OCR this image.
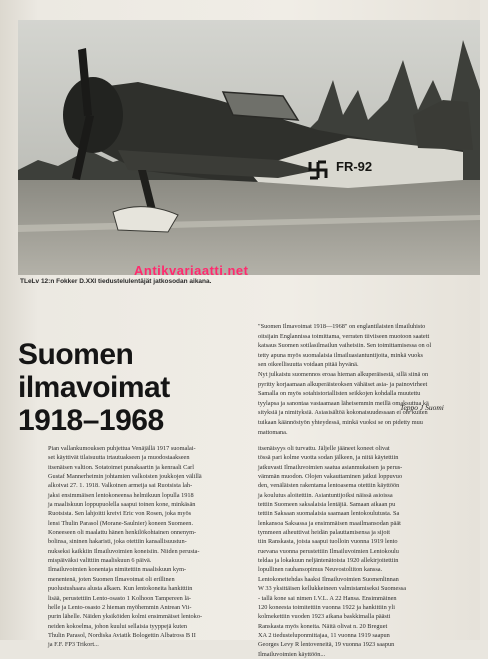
FR-92
Antikvariaatti.net
TLeLv 12:n Fokker D.XXI tiedustelulentäjät jatkosodan aikana.
Suomen
ilmavoimat
1918–1968
"Suomen Ilmavoimat 1918—1968" on englantilaisten ilmailuhisto
oitsijain Englannissa toimittama, verraten tiiviiseen muotoon saatett
katsaus Suomen sotilasilmailun vaiheisiin. Sen toimittamisessa on ol
tetty apuna myös suomalaisia ilmailuasiantuntijoita, minkä vuoks
sen oikeellisuutta voidaan pitää hyvänä.
Nyt julkaistu suomennos eroaa hieman alkuperäisestä, sillä siinä on
pyritty korjaamaan alkuperäisteoksen vähäiset asia- ja painovirheet
Samalla on myös sotahistoriallisten seikkojen kohdalla muutettu
tyylapsa ja sanontaa vastaamaan läheisemmin meillä omaksuttua kä
sityksiä ja nimityksiä. Asiasisältöä kokonaisuudessaan ei ole kuiten
tuikaan käännöstyön yhteydessä, minkä vuoksi se on pidetty muu
mattomana.
Teppo J Suomi
Pian vallankumouksen puhjettua Venäjällä 1917 suomalai-
set käyttivät tilaisuutta irtautuakseen ja muodostaakseen
itsenäisen valtion. Sotatoimet punakaartin ja kenraali Carl
Gustaf Mannerheimin johtamien valkoisten joukkojen välillä
alkoivat 27. 1. 1918. Valkoinen armeija sai Ruotsista lah-
jaksi ensimmäisen lentokoneensa helmikuun lopulla 1918
ja maaliskuun loppupuolella saapui toinen kone, minkäsän
Ruotsista. Sen lahjoitti kreivi Eric von Rosen, joka myös
lensi Thulin Parasol (Morane-Saulnier) koneen Suomeen.
Koneeseen oli maalattu hänen henkilökohtainen onnenym-
bolinsa, sininen hakaristi, joka otettiin kansallisuustun-
nukseksi kaikkiin Ilmailuvoimien koneisiin. Niiden perusta-
mispäiväksi valittiin maaliskuun 6 päivä.
Ilmailuvoimien konentaja nimitettiin maaliskuun kym-
menentenä, joten Suomen Ilmavoimat oli erillinen
puolustushaara alusta alkaen. Kun lentokoneita hankittiin
lisää, perustettiin Lento-osasto 1 Kolhoon Tampereen lä-
helle ja Lento-osasto 2 hieman myöhemmin Antrean Vii-
purin lähelle. Näiden yksiköiden kolmi ensimmäiset lentoko-
neiden kokoelma, johon kuului sellaisia tyyppejä kuten
Thulin Parasol, Nordiska Aviatik Bologettin Albatross B II
ja F.F. FP3 Trikort...
itsenäisyys oli turvattu. Jäljelle jääneet koneet olivat
tössä pari kolme vuotta sodan jälkeen, ja niitä käytettiin
jatkuvasti Ilmailuvoimien saatua asianmukaisen ja perus-
vämmän muodon. Olojen vakauttaminen jatkui loppuvuo
den, venäläisten rakentama lentoasema otettiin käyttöön
ja koulutus aloitettiin. Asiantuntijoiksi näissä asioissa
tettiin Suomeen saksalaisia lentäjiä. Samaan aikaan pu
tettiin Saksaan suomalaisia saamaan lentokoulutusta. Sa
lenkansoa Saksassa ja ensimmäisen maailmansodan päät
tymmeen aiheuttivat heidän palauttamisensa ja sijoit
tiin Ranskasta, joista saapui tuolloin vuonna 1919 lento
ruevana vuonna perustettiin Ilmailuvoimien Lentokoulu
teldaa ja lokakuun neljäntenätoista 1920 allekirjoitettiin
lopullinen rauhansopimus Neuvostoliiton kanssa.
Lentokoneitehdas haaksi Ilmailuvoimien Suomenlinnan
W 33 yksittäisen kellukkeineen valmistamiseksi Suomessa
- tallä kone sai nimen I.V.L. A 22 Hansa. Ensimmäinen
120 koneesta toimitettiin vuonna 1922 ja hankittiin yli
kolmekettiin vuoden 1923 aikana baskkimalla päästi
Ranskasta myös koneita. Näitä olivat n. 20 Breguet
XA 2 tiedusteluponmittajaa, 11 vuonna 1919 saapun
Georges Levy R lentoveneitä, 19 vuonna 1923 saapun
Ilmailuvoimien käyttöön...
